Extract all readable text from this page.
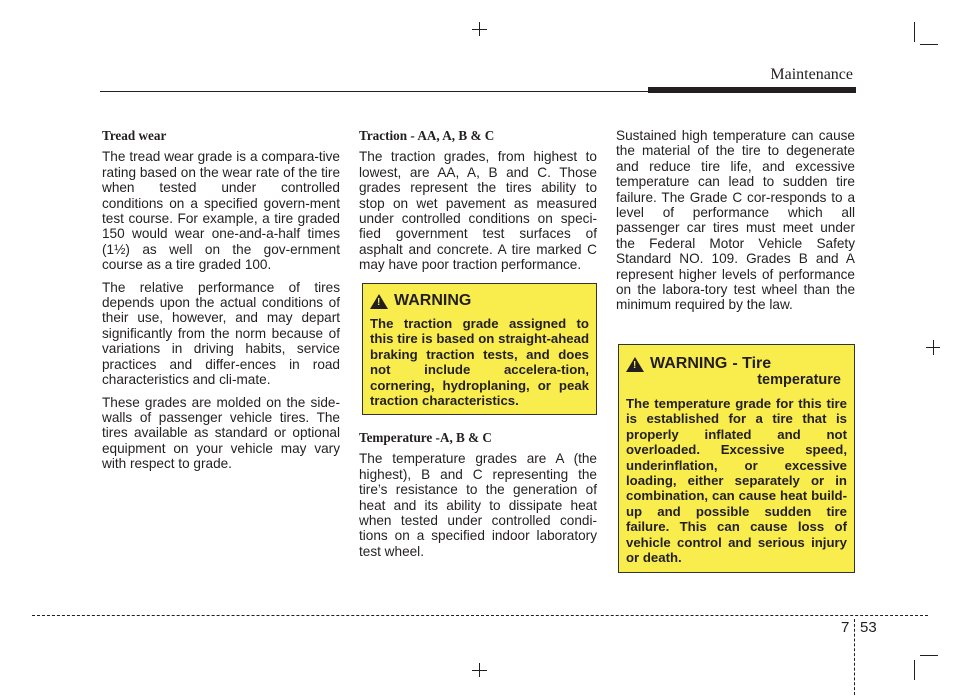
Maintenance
Tread wear

The tread wear grade is a compara-tive rating based on the wear rate of the tire when tested under controlled conditions on a specified govern-ment test course. For example, a tire graded 150 would wear one-and-a-half times (1½) as well on the gov-ernment course as a tire graded 100.

The relative performance of tires depends upon the actual conditions of their use, however, and may depart significantly from the norm because of variations in driving habits, service practices and differ-ences in road characteristics and cli-mate.

These grades are molded on the side-walls of passenger vehicle tires. The tires available as standard or optional equipment on your vehicle may vary with respect to grade.

Traction - AA, A, B & C

The traction grades, from highest to lowest, are AA, A, B and C. Those grades represent the tires ability to stop on wet pavement as measured under controlled conditions on speci-fied government test surfaces of asphalt and concrete. A tire marked C may have poor traction performance.

! WARNING
The traction grade assigned to this tire is based on straight-ahead braking traction tests, and does not include accelera-tion, cornering, hydroplaning, or peak traction characteristics.
Temperature -A, B & C

The temperature grades are A (the highest), B and C representing the tire’s resistance to the generation of heat and its ability to dissipate heat when tested under controlled condi-tions on a specified indoor laboratory test wheel.

Sustained high temperature can cause the material of the tire to degenerate and reduce tire life, and excessive temperature can lead to sudden tire failure. The Grade C cor-responds to a level of performance which all passenger car tires must meet under the Federal Motor Vehicle Safety Standard NO. 109. Grades B and A represent higher levels of performance on the labora-tory test wheel than the minimum required by the law.

! WARNING - Tire
temperature
The temperature grade for this tire is established for a tire that is properly inflated and not overloaded. Excessive speed, underinflation, or excessive loading, either separately or in combination, can cause heat build-up and possible sudden tire failure. This can cause loss of vehicle control and serious injury or death.
7 53
